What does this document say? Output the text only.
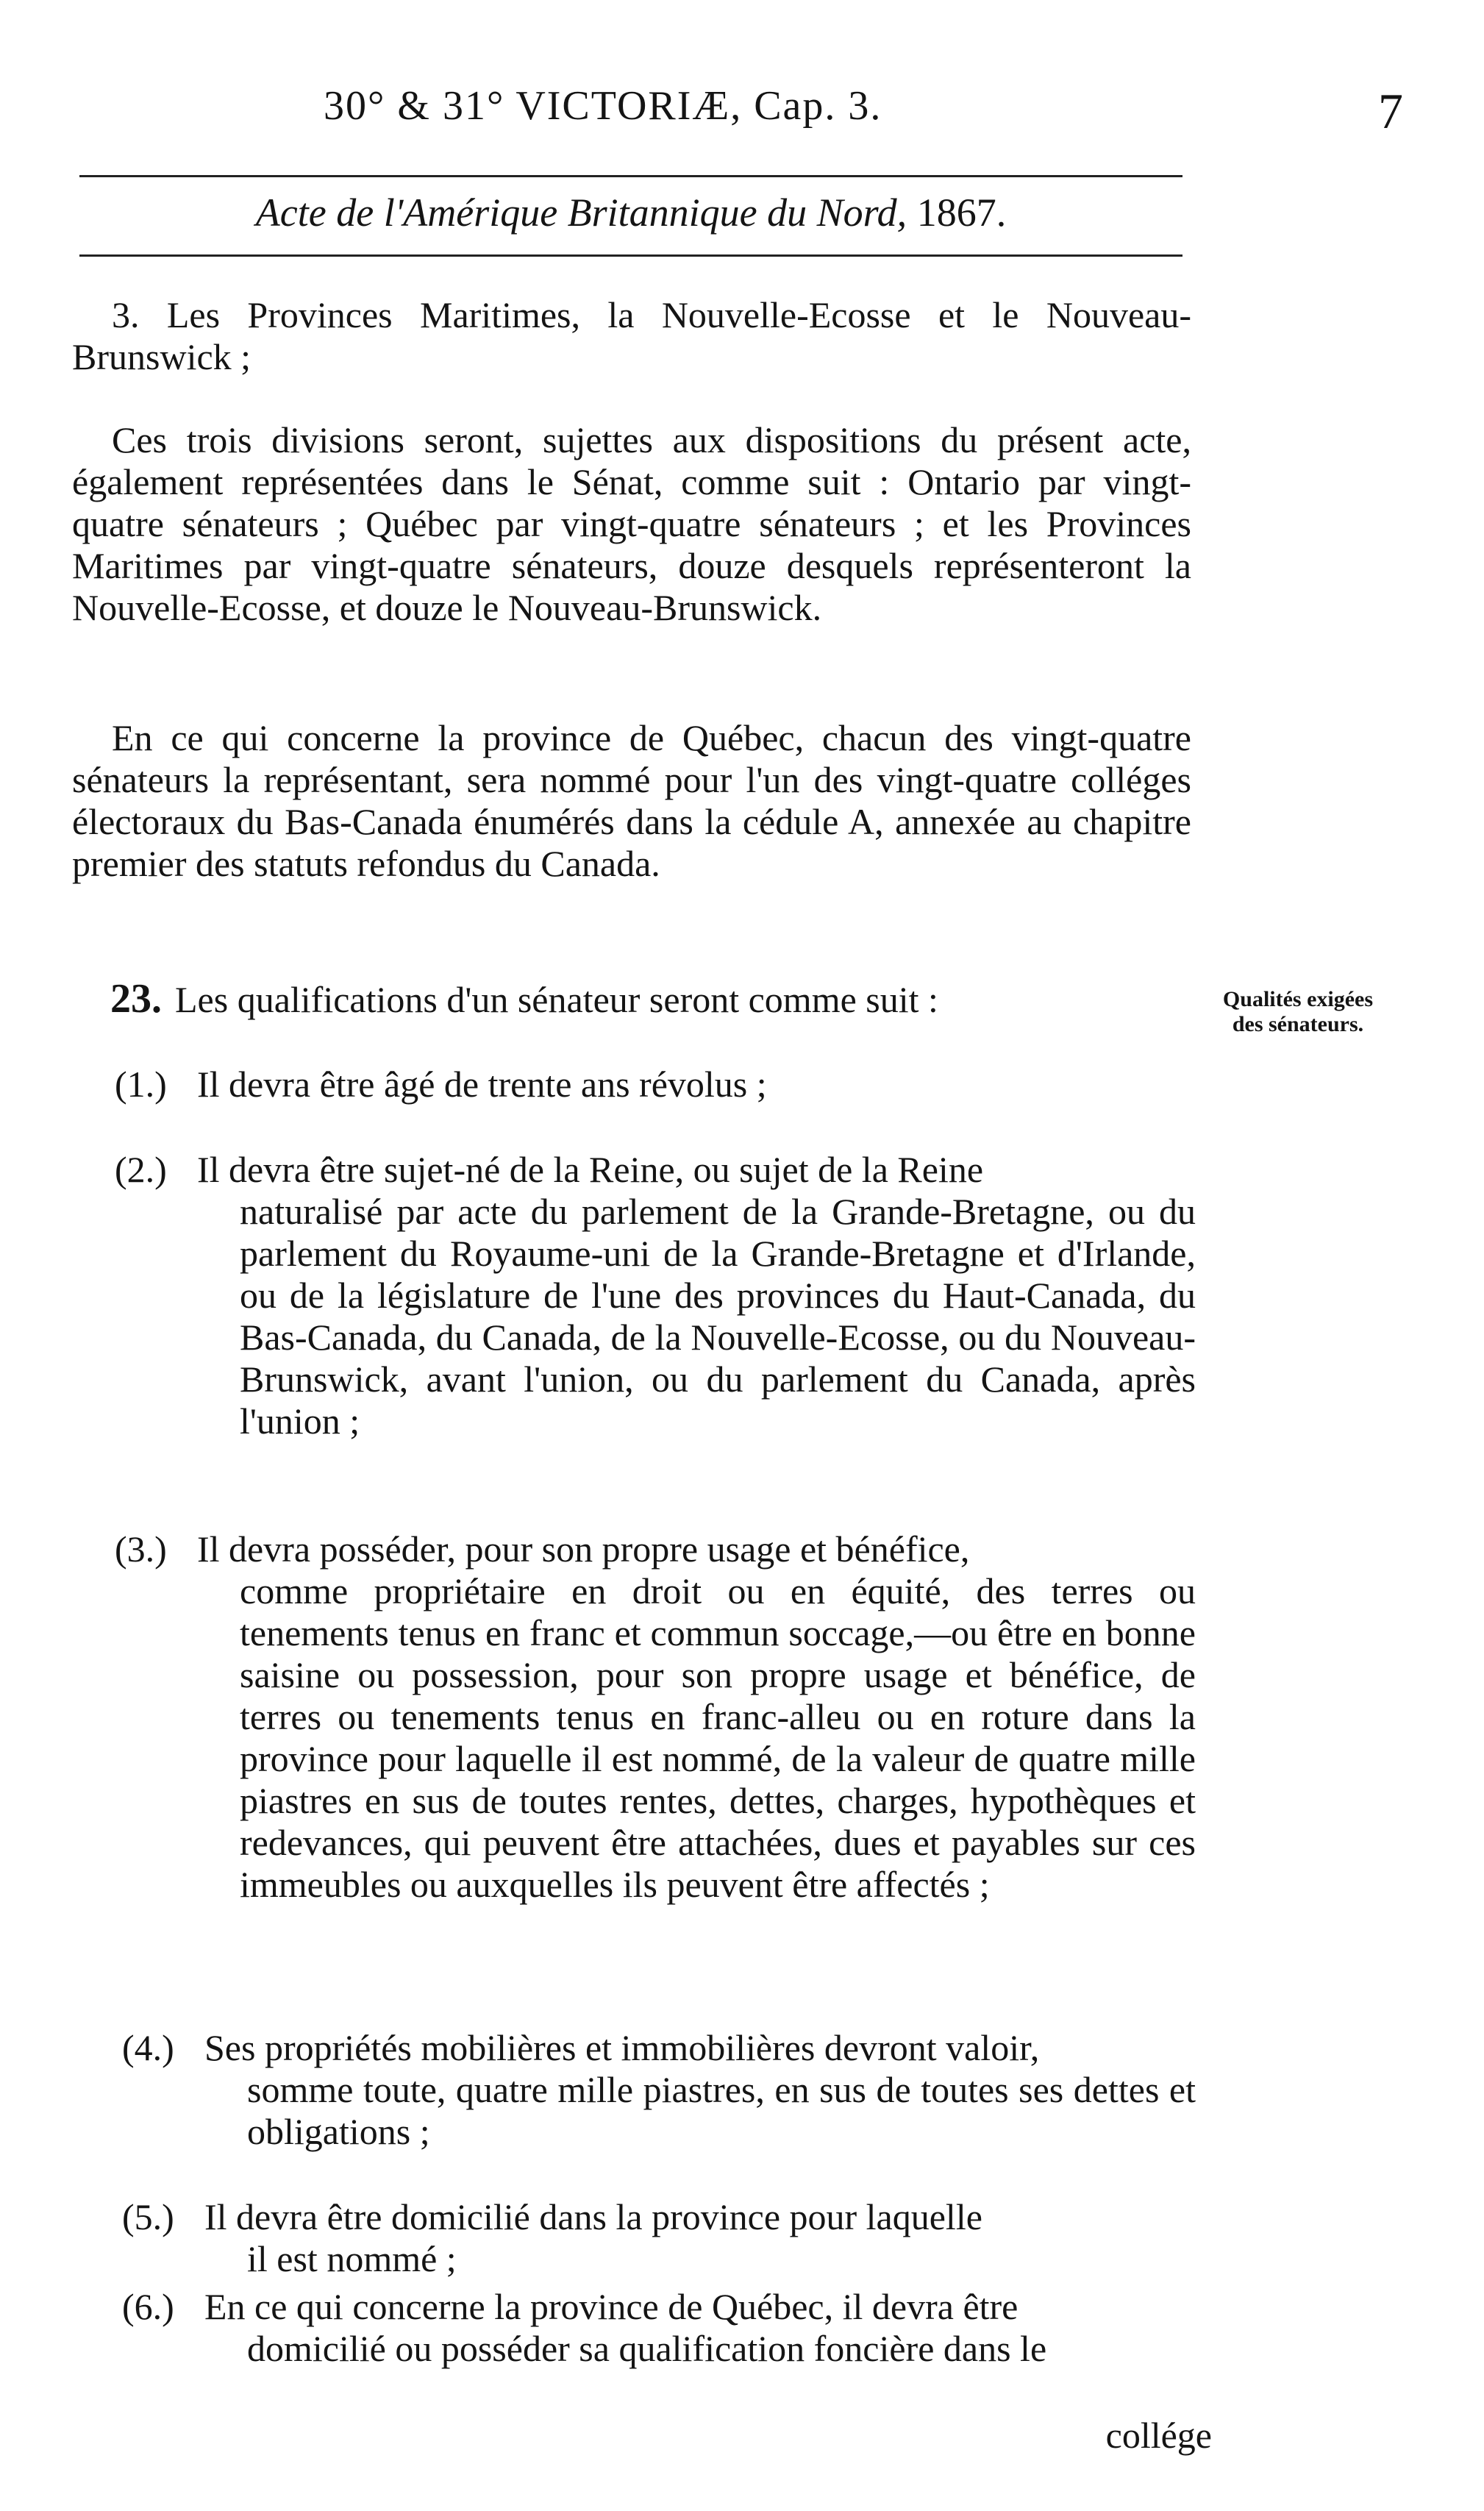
30° & 31° VICTORIÆ, Cap. 3.	7
Acte de l'Amérique Britannique du Nord, 1867.
3. Les Provinces Maritimes, la Nouvelle-Ecosse et le Nouveau-Brunswick ;
Ces trois divisions seront, sujettes aux dispositions du présent acte, également représentées dans le Sénat, comme suit : Ontario par vingt-quatre sénateurs ; Québec par vingt-quatre sénateurs ; et les Provinces Maritimes par vingt-quatre sénateurs, douze desquels représenteront la Nouvelle-Ecosse, et douze le Nouveau-Brunswick.
En ce qui concerne la province de Québec, chacun des vingt-quatre sénateurs la représentant, sera nommé pour l'un des vingt-quatre colléges électoraux du Bas-Canada énumérés dans la cédule A, annexée au chapitre premier des statuts refondus du Canada.
23. Les qualifications d'un sénateur seront comme suit :	Qualités exigées des sénateurs.
(1.) Il devra être âgé de trente ans révolus ;
(2.) Il devra être sujet-né de la Reine, ou sujet de la Reine
naturalisé par acte du parlement de la Grande-Bretagne, ou du parlement du Royaume-uni de la Grande-Bretagne et d'Irlande, ou de la législature de l'une des provinces du Haut-Canada, du Bas-Canada, du Canada, de la Nouvelle-Ecosse, ou du Nouveau-Brunswick, avant l'union, ou du parlement du Canada, après l'union ;
(3.) Il devra posséder, pour son propre usage et bénéfice,
comme propriétaire en droit ou en équité, des terres ou tenements tenus en franc et commun soccage,—ou être en bonne saisine ou possession, pour son propre usage et bénéfice, de terres ou tenements tenus en franc-alleu ou en roture dans la province pour laquelle il est nommé, de la valeur de quatre mille piastres en sus de toutes rentes, dettes, charges, hypothèques et redevances, qui peuvent être attachées, dues et payables sur ces immeubles ou auxquelles ils peuvent être affectés ;
(4.) Ses propriétés mobilières et immobilières devront valoir,
somme toute, quatre mille piastres, en sus de toutes ses dettes et obligations ;
(5.) Il devra être domicilié dans la province pour laquelle
il est nommé ;
(6.) En ce qui concerne la province de Québec, il devra être
domicilié ou posséder sa qualification foncière dans le
collége
